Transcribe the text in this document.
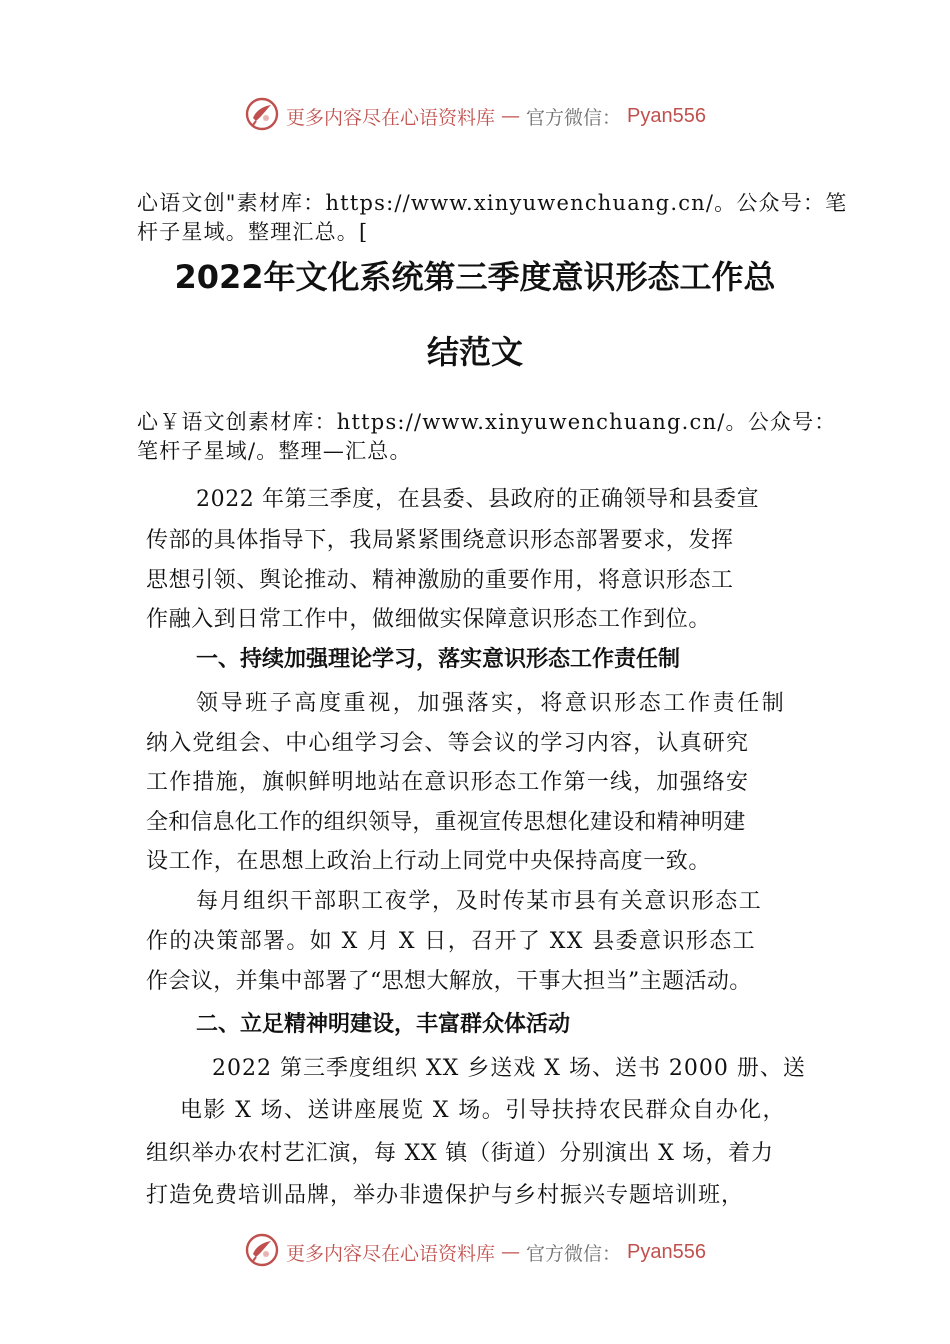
更多内容尽在心语资料库 — 官方微信： Pyan556
心语文创"素材库：https://www.xinyuwenchuang.cn/。公众号：笔杆子星域。整理汇总。[
2022年文化系统第三季度意识形态工作总
结范文
心￥语文创素材库：https://www.xinyuwenchuang.cn/。公众号：笔杆子星域/。整理—汇总。
2022 年第三季度，在县委、县政府的正确领导和县委宣
传部的具体指导下，我局紧紧围绕意识形态部署要求，发挥
思想引领、舆论推动、精神激励的重要作用，将意识形态工
作融入到日常工作中，做细做实保障意识形态工作到位。
一、持续加强理论学习，落实意识形态工作责任制
领导班子高度重视，加强落实，将意识形态工作责任制
纳入党组会、中心组学习会、等会议的学习内容，认真研究
工作措施，旗帜鲜明地站在意识形态工作第一线，加强络安
全和信息化工作的组织领导，重视宣传思想化建设和精神明建
设工作，在思想上政治上行动上同党中央保持高度一致。
每月组织干部职工夜学，及时传某市县有关意识形态工
作的决策部署。如 X 月 X 日，召开了 XX 县委意识形态工
作会议，并集中部署了“思想大解放，干事大担当”主题活动。
二、立足精神明建设，丰富群众体活动
2022 第三季度组织 XX 乡送戏 X 场、送书 2000 册、送
电影 X 场、送讲座展览 X 场。引导扶持农民群众自办化，
组织举办农村艺汇演，每 XX 镇（街道）分别演出 X 场，着力
打造免费培训品牌，举办非遗保护与乡村振兴专题培训班，
更多内容尽在心语资料库 — 官方微信： Pyan556
